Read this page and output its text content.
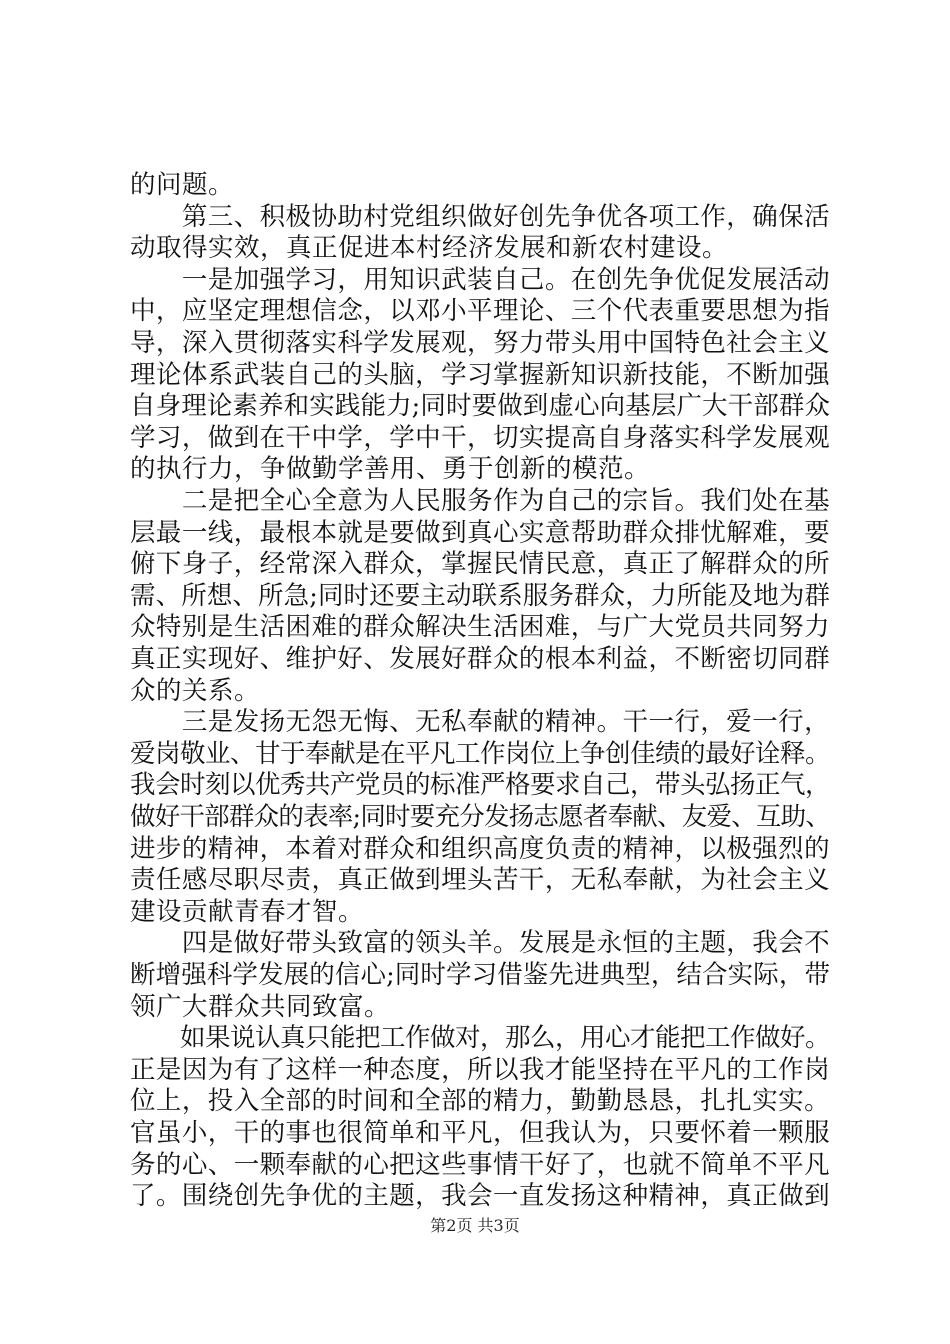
的问题。
　　第三、积极协助村党组织做好创先争优各项工作，确保活
动取得实效，真正促进本村经济发展和新农村建设。
　　一是加强学习，用知识武装自己。在创先争优促发展活动
中，应坚定理想信念，以邓小平理论、三个代表重要思想为指
导，深入贯彻落实科学发展观，努力带头用中国特色社会主义
理论体系武装自己的头脑，学习掌握新知识新技能，不断加强
自身理论素养和实践能力;同时要做到虚心向基层广大干部群众
学习，做到在干中学，学中干，切实提高自身落实科学发展观
的执行力，争做勤学善用、勇于创新的模范。
　　二是把全心全意为人民服务作为自己的宗旨。我们处在基
层最一线，最根本就是要做到真心实意帮助群众排忧解难，要
俯下身子，经常深入群众，掌握民情民意，真正了解群众的所
需、所想、所急;同时还要主动联系服务群众，力所能及地为群
众特别是生活困难的群众解决生活困难，与广大党员共同努力
真正实现好、维护好、发展好群众的根本利益，不断密切同群
众的关系。
　　三是发扬无怨无悔、无私奉献的精神。干一行，爱一行，
爱岗敬业、甘于奉献是在平凡工作岗位上争创佳绩的最好诠释。
我会时刻以优秀共产党员的标准严格要求自己，带头弘扬正气，
做好干部群众的表率;同时要充分发扬志愿者奉献、友爱、互助、
进步的精神，本着对群众和组织高度负责的精神，以极强烈的
责任感尽职尽责，真正做到埋头苦干，无私奉献，为社会主义
建设贡献青春才智。
　　四是做好带头致富的领头羊。发展是永恒的主题，我会不
断增强科学发展的信心;同时学习借鉴先进典型，结合实际，带
领广大群众共同致富。
　　如果说认真只能把工作做对，那么，用心才能把工作做好。
正是因为有了这样一种态度，所以我才能坚持在平凡的工作岗
位上，投入全部的时间和全部的精力，勤勤恳恳，扎扎实实。
官虽小，干的事也很简单和平凡，但我认为，只要怀着一颗服
务的心、一颗奉献的心把这些事情干好了，也就不简单不平凡
了。围绕创先争优的主题，我会一直发扬这种精神，真正做到
第2页 共3页
